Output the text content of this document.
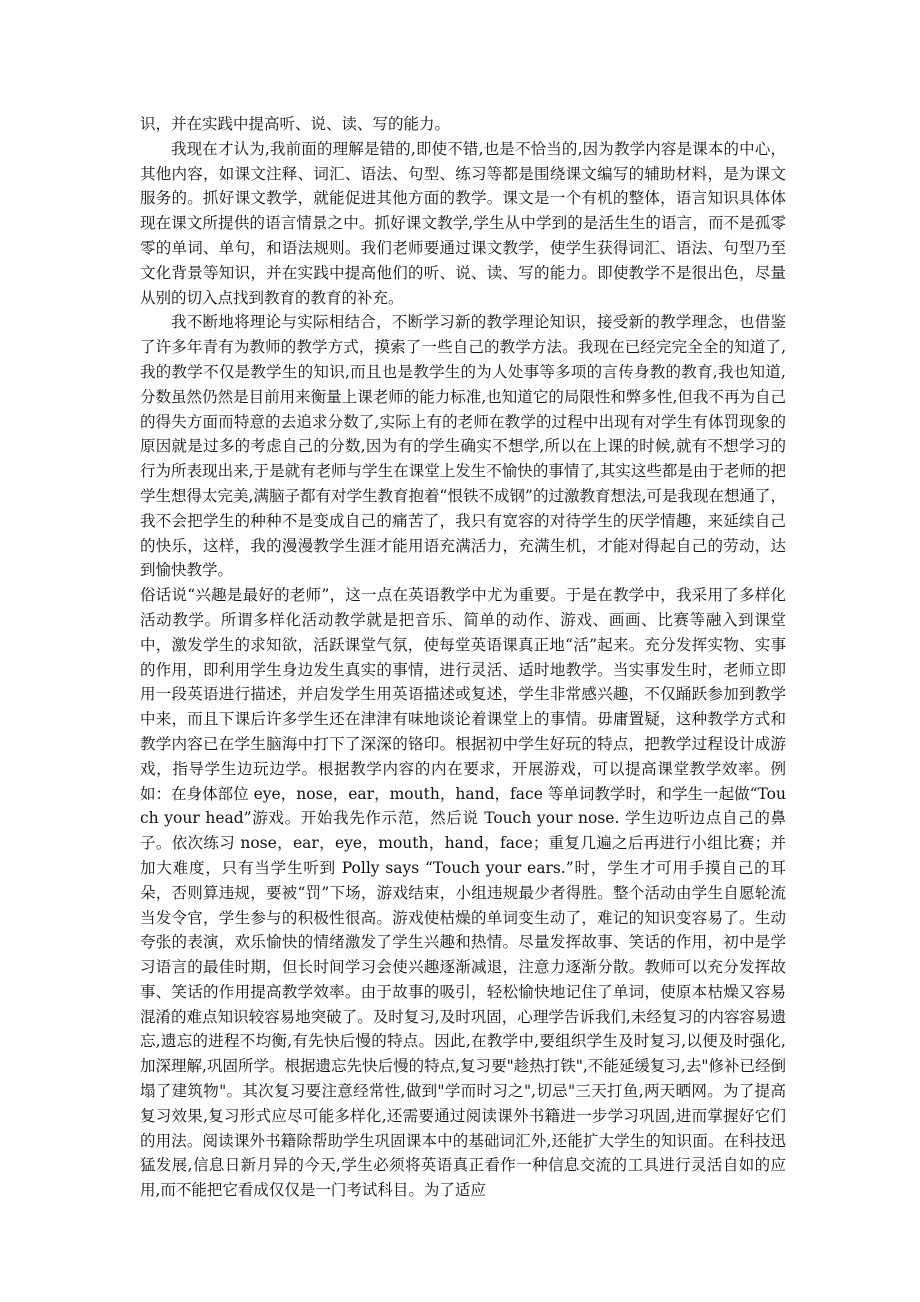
识，并在实践中提高听、说、读、写的能力。

我现在才认为,我前面的理解是错的,即使不错,也是不恰当的,因为教学内容是课本的中心，其他内容，如课文注释、词汇、语法、句型、练习等都是围绕课文编写的辅助材料，是为课文服务的。抓好课文教学，就能促进其他方面的教学。课文是一个有机的整体，语言知识具体体现在课文所提供的语言情景之中。抓好课文教学,学生从中学到的是活生生的语言，而不是孤零零的单词、单句，和语法规则。我们老师要通过课文教学，使学生获得词汇、语法、句型乃至文化背景等知识，并在实践中提高他们的听、说、读、写的能力。即使教学不是很出色，尽量从别的切入点找到教育的教育的补充。

我不断地将理论与实际相结合，不断学习新的教学理论知识，接受新的教学理念，也借鉴了许多年青有为教师的教学方式，摸索了一些自己的教学方法。我现在已经完完全全的知道了,我的教学不仅是教学生的知识,而且也是教学生的为人处事等多项的言传身教的教育,我也知道,分数虽然仍然是目前用来衡量上课老师的能力标准,也知道它的局限性和弊多性,但我不再为自己的得失方面而特意的去追求分数了,实际上有的老师在教学的过程中出现有对学生有体罚现象的原因就是过多的考虑自己的分数,因为有的学生确实不想学,所以在上课的时候,就有不想学习的行为所表现出来,于是就有老师与学生在课堂上发生不愉快的事情了,其实这些都是由于老师的把学生想得太完美,满脑子都有对学生教育抱着“恨铁不成钢”的过激教育想法,可是我现在想通了，我不会把学生的种种不是变成自己的痛苦了，我只有宽容的对待学生的厌学情趣，来延续自己的快乐，这样，我的漫漫教学生涯才能用语充满活力，充满生机，才能对得起自己的劳动，达到愉快教学。

俗话说“兴趣是最好的老师”，这一点在英语教学中尤为重要。于是在教学中，我采用了多样化活动教学。所谓多样化活动教学就是把音乐、简单的动作、游戏、画画、比赛等融入到课堂中，激发学生的求知欲，活跃课堂气氛，使每堂英语课真正地“活”起来。充分发挥实物、实事的作用，即利用学生身边发生真实的事情，进行灵活、适时地教学。当实事发生时，老师立即用一段英语进行描述，并启发学生用英语描述或复述，学生非常感兴趣，不仅踊跃参加到教学中来，而且下课后许多学生还在津津有味地谈论着课堂上的事情。毋庸置疑，这种教学方式和教学内容已在学生脑海中打下了深深的铬印。根据初中学生好玩的特点，把教学过程设计成游戏，指导学生边玩边学。根据教学内容的内在要求，开展游戏，可以提高课堂教学效率。例如：在身体部位 eye，nose，ear，mouth，hand，face 等单词教学时，和学生一起做“Touch your head”游戏。开始我先作示范，然后说 Touch your nose. 学生边听边点自己的鼻子。依次练习 nose，ear，eye，mouth，hand，face；重复几遍之后再进行小组比赛；并加大难度，只有当学生听到 Polly says “Touch your ears.”时，学生才可用手摸自己的耳朵，否则算违规，要被“罚”下场，游戏结束，小组违规最少者得胜。整个活动由学生自愿轮流当发令官，学生参与的积极性很高。游戏使枯燥的单词变生动了，难记的知识变容易了。生动夸张的表演，欢乐愉快的情绪激发了学生兴趣和热情。尽量发挥故事、笑话的作用，初中是学习语言的最佳时期，但长时间学习会使兴趣逐渐减退，注意力逐渐分散。教师可以充分发挥故事、笑话的作用提高教学效率。由于故事的吸引，轻松愉快地记住了单词，使原本枯燥又容易混淆的难点知识较容易地突破了。及时复习,及时巩固，心理学告诉我们,未经复习的内容容易遗忘,遗忘的进程不均衡,有先快后慢的特点。因此,在教学中,要组织学生及时复习,以便及时强化,加深理解,巩固所学。根据遗忘先快后慢的特点,复习要"趁热打铁",不能延缓复习,去"修补已经倒塌了建筑物"。其次复习要注意经常性,做到"学而时习之",切忌"三天打鱼,两天晒网。为了提高复习效果,复习形式应尽可能多样化,还需要通过阅读课外书籍进一步学习巩固,进而掌握好它们的用法。阅读课外书籍除帮助学生巩固课本中的基础词汇外,还能扩大学生的知识面。在科技迅猛发展,信息日新月异的今天,学生必须将英语真正看作一种信息交流的工具进行灵活自如的应用,而不能把它看成仅仅是一门考试科目。为了适应
